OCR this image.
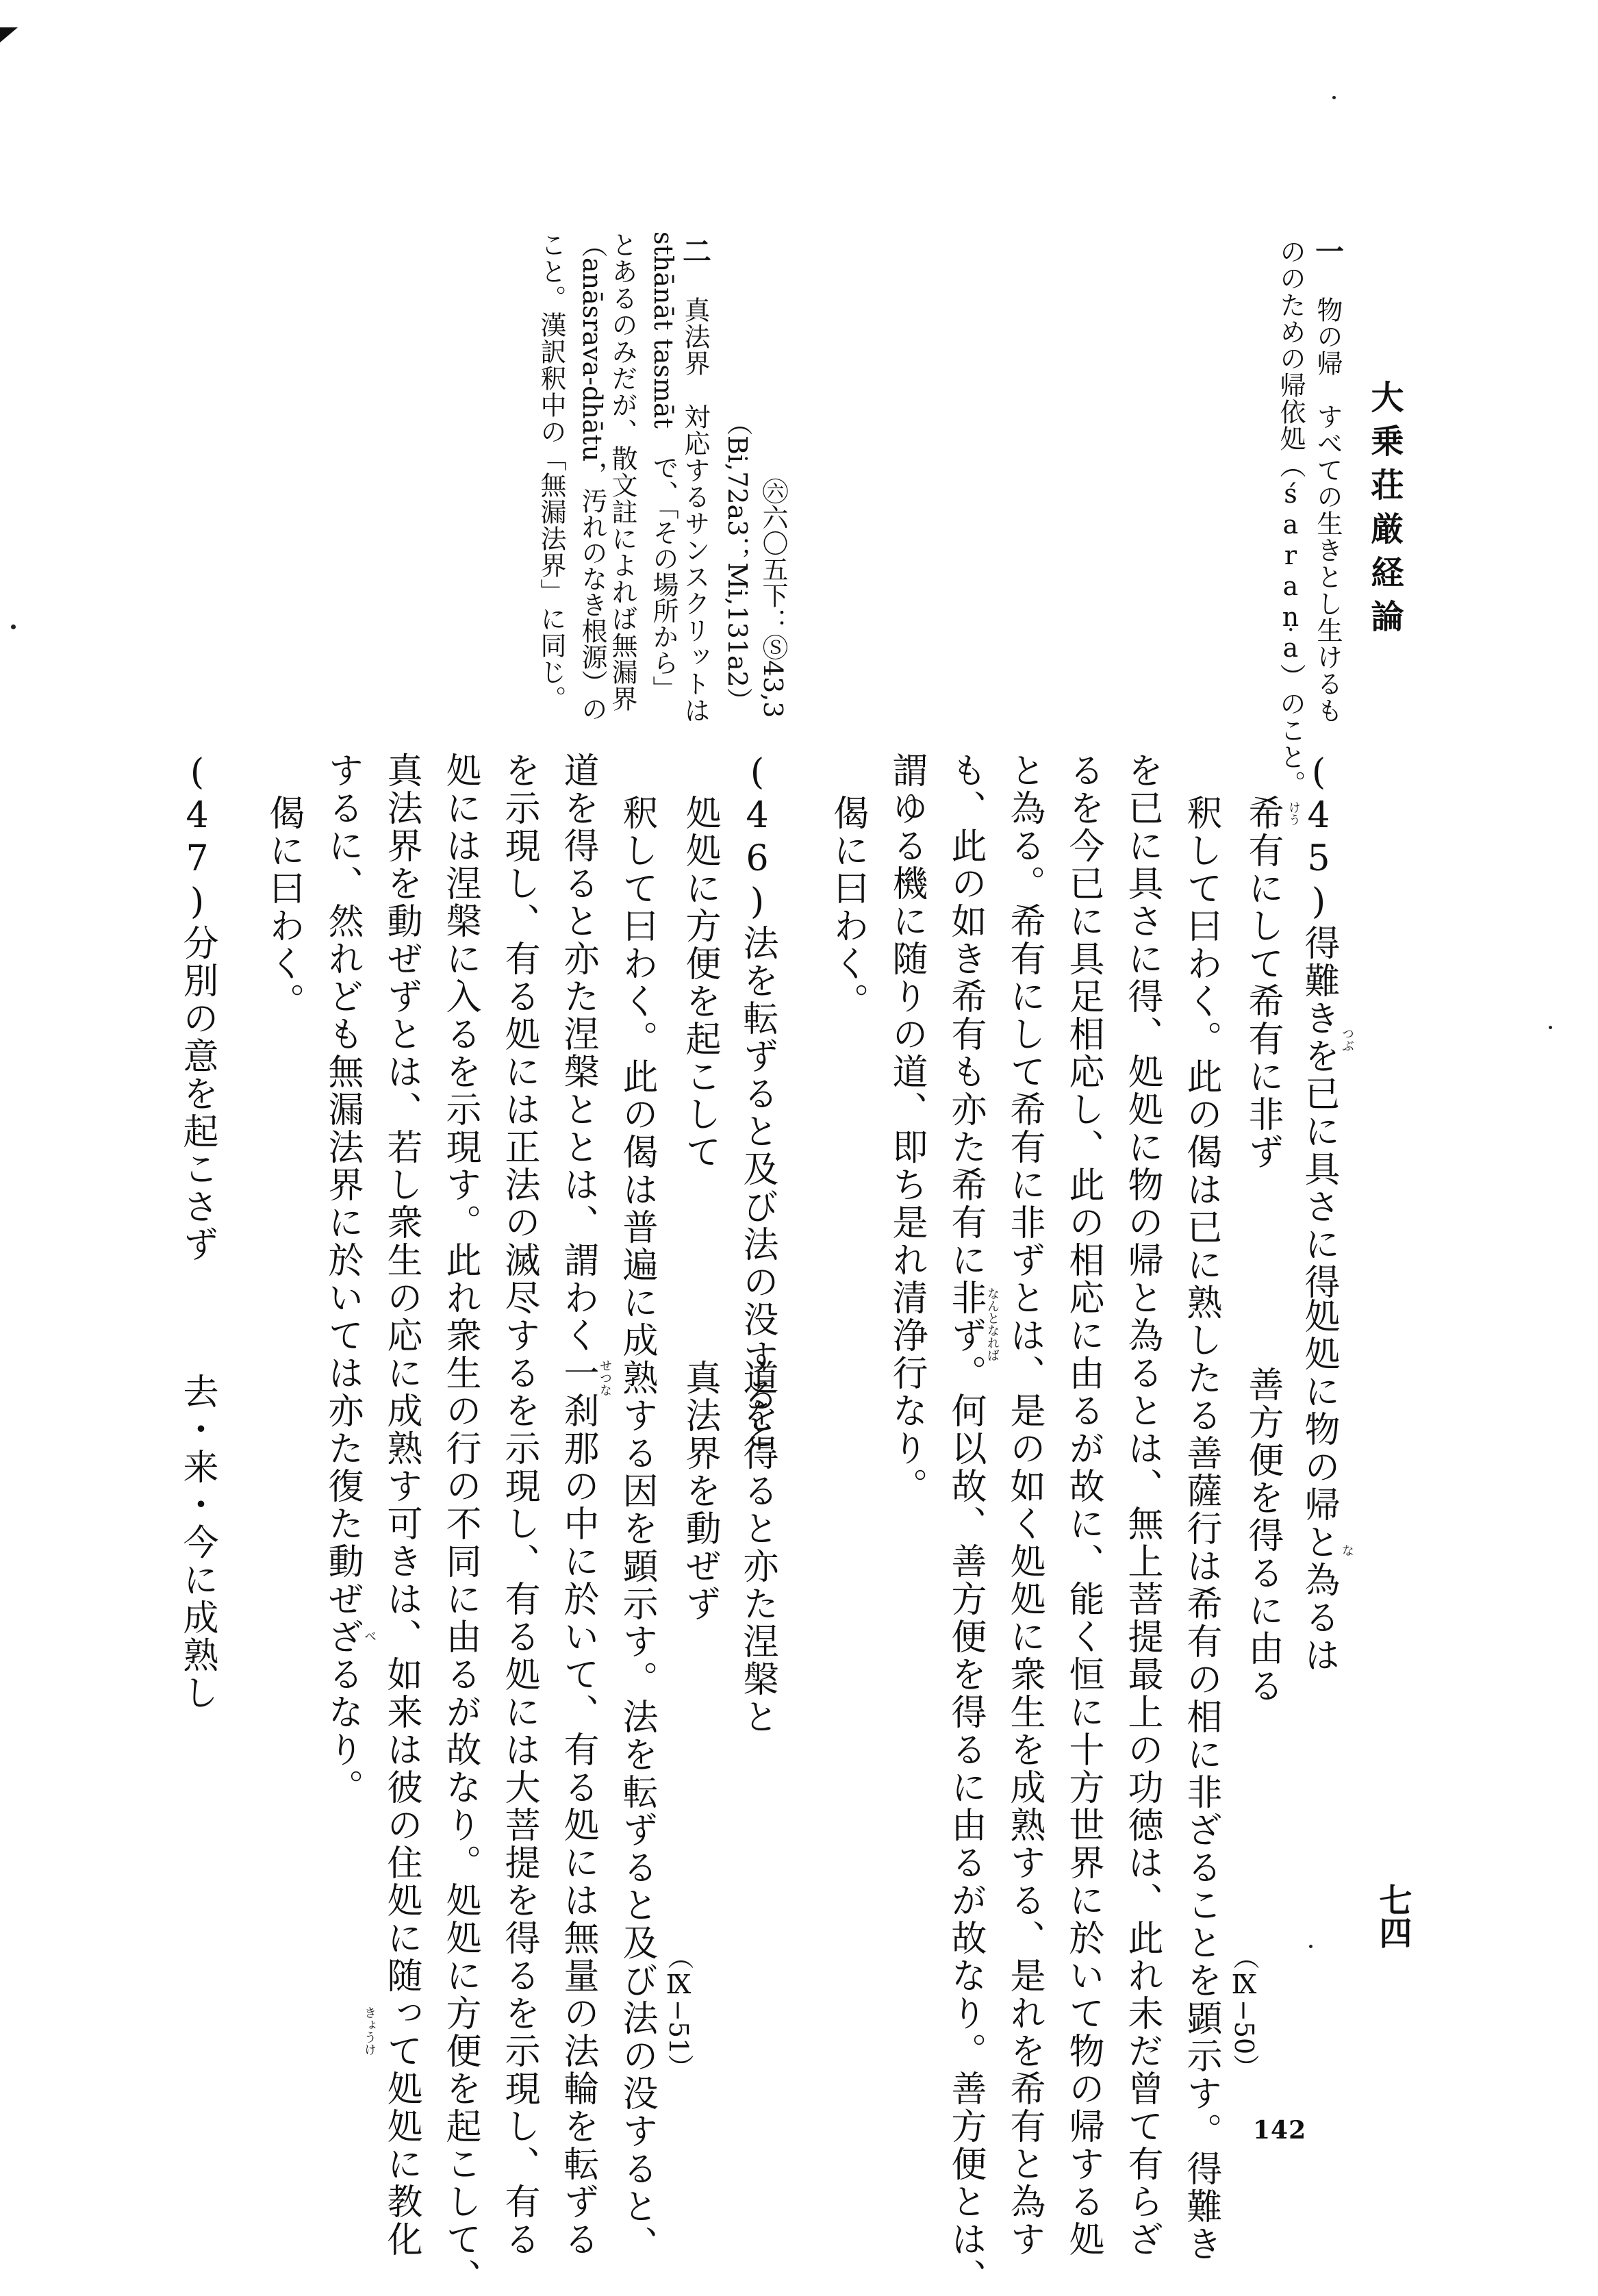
大乗荘厳経論
一 物の帰　すべての生きとし生けるも
ののための帰依処（śaraṇa）のこと。
㊅六〇五下：Ⓢ43,3
（Bi,72a3；Mi,131a2）
二 真法界　対応するサンスクリットは
sthānāt tasmāt　で、「その場所から」
とあるのみだが、散文註によれば無漏界
（anāsrava-dhātu，汚れのなき根源）の
こと。漢訳釈中の「無漏法界」に同じ。
(45)得難きを已に具さに得
処処に物の帰と為るは
希有にして希有に非ず
善方便を得るに由る
（Ⅸ−50）
けう
つぶ
な
釈して曰わく。此の偈は已に熟したる善薩行は希有の相に非ざることを顕示す。得難き
を已に具さに得、処処に物の帰と為るとは、無上菩提最上の功徳は、此れ未だ曾て有らざ
るを今已に具足相応し、此の相応に由るが故に、能く恒に十方世界に於いて物の帰する処
と為る。希有にして希有に非ずとは、是の如く処処に衆生を成熟する、是れを希有と為す
も、此の如き希有も亦た希有に非ず。何以故、善方便を得るに由るが故なり。善方便とは、
謂ゆる機に随りの道、即ち是れ清浄行なり。
偈に曰わく。
なんとなれば
(46)法を転ずると及び法の没すると
道を得ると亦た涅槃と
処処に方便を起こして
真法界を動ぜず
（Ⅸ−51）
釈して曰わく。此の偈は普遍に成熟する因を顕示す。法を転ずると及び法の没すると、
道を得ると亦た涅槃ととは、謂わく一刹那の中に於いて、有る処には無量の法輪を転ずる
を示現し、有る処には正法の滅尽するを示現し、有る処には大菩提を得るを示現し、有る
処には涅槃に入るを示現す。此れ衆生の行の不同に由るが故なり。処処に方便を起こして、
真法界を動ぜずとは、若し衆生の応に成熟す可きは、如来は彼の住処に随って処処に教化
するに、然れども無漏法界に於いては亦た復た動ぜざるなり。
偈に曰わく。
せつな
べ
きょうけ
(47)分別の意を起こさず
去・来・今に成熟し
七四
142
